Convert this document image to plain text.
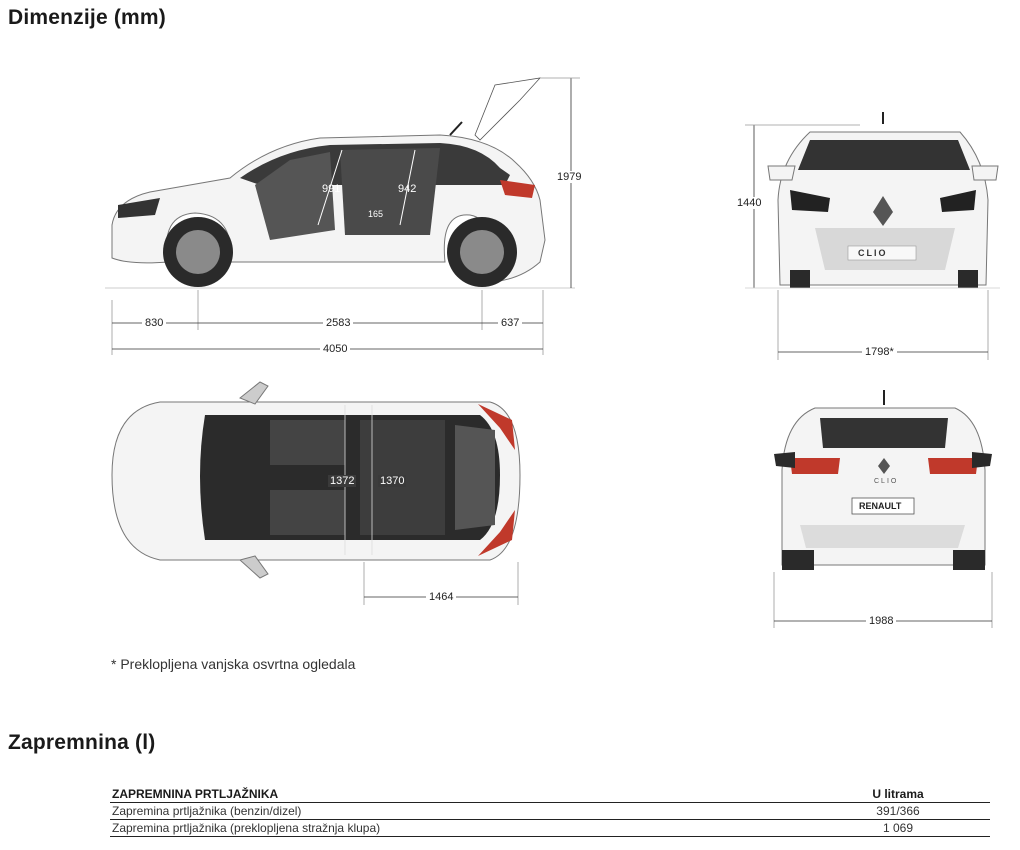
Dimenzije (mm)
830	2583	637
4050
1979
991	942
165
1440
1798*
CLIO
1372 1370
1464
1988
CLIO
RENAULT
* Preklopljena vanjska osvrtna ogledala
Zapremnina (l)
ZAPREMNINA PRTLJAŽNIKA	U litrama
Zapremina prtljažnika (benzin/dizel)	391/366
Zapremina prtljažnika (preklopljena stražnja klupa)	1 069
